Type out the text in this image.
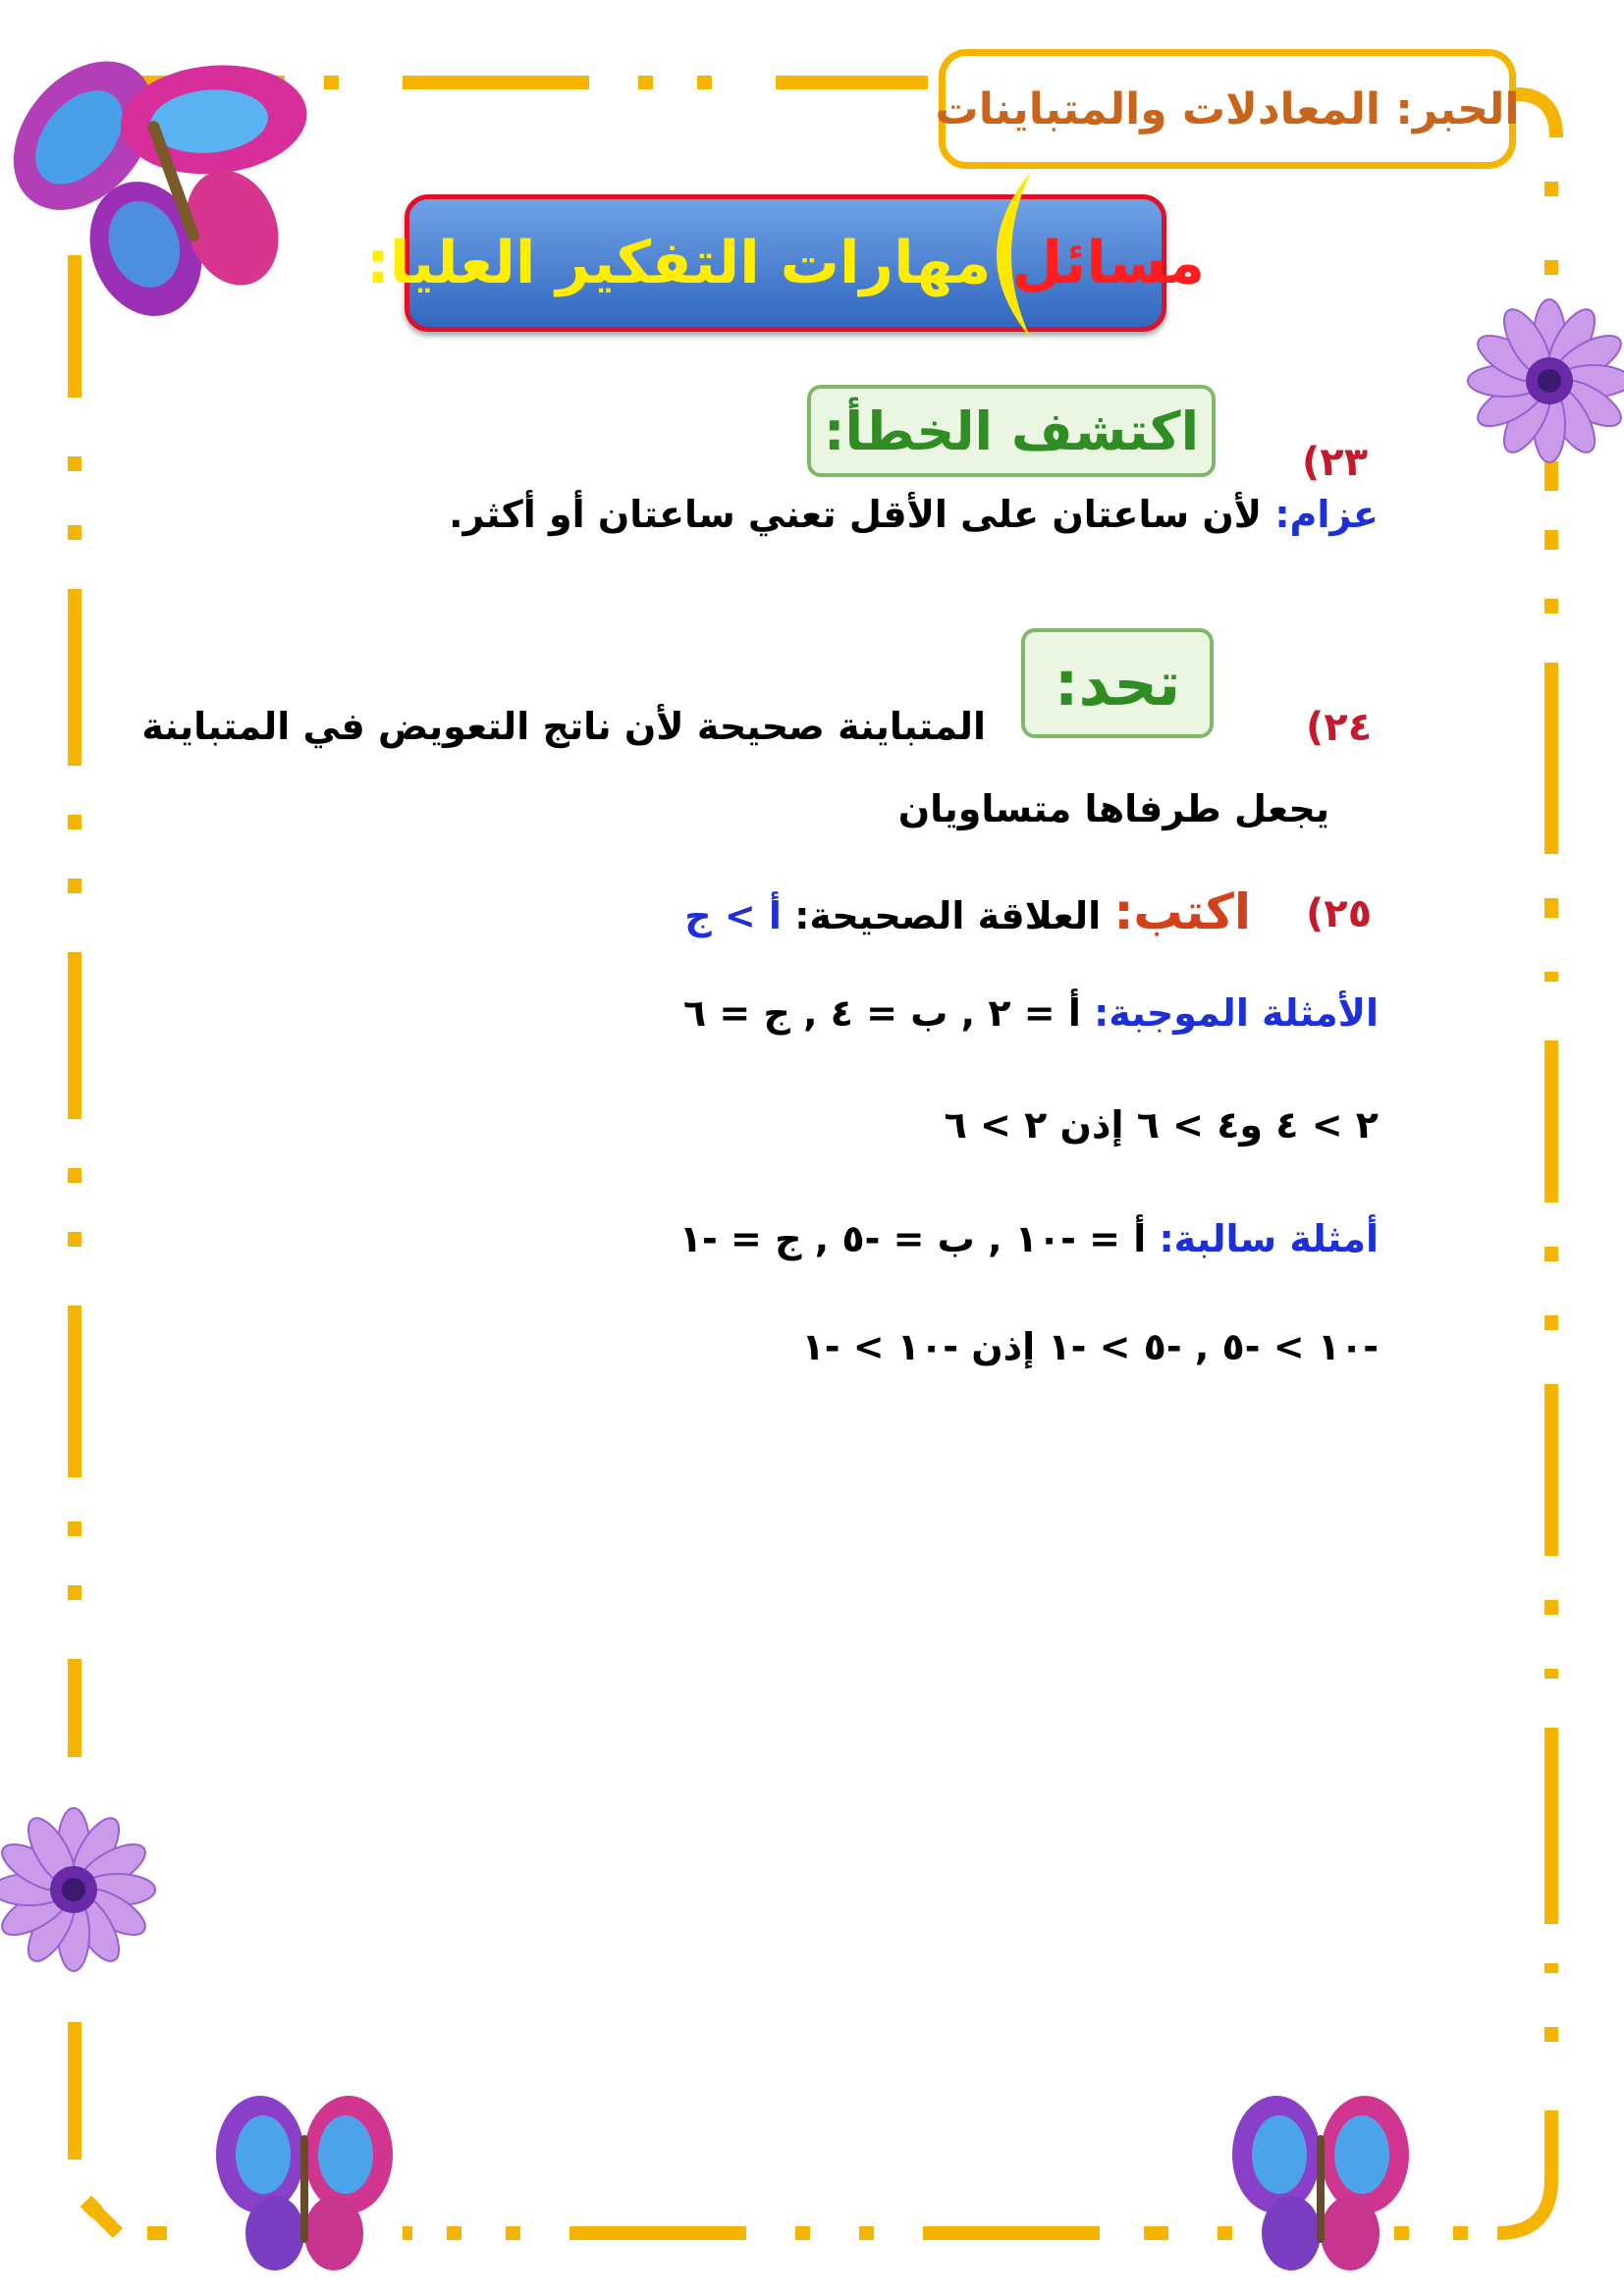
الحبر: المعادلات والمتباينات
مسائل مهارات التفكير العليا:
اكتشف الخطأ:
٢٣)
عزام: لأن ساعتان على الأقل تعني ساعتان أو أكثر.
تحد:
٢٤)
المتباينة صحيحة لأن ناتج التعويض في المتباينة
يجعل طرفاها متساويان
٢٥)
اكتب: العلاقة الصحيحة: أ > ج
الأمثلة الموجبة: أ = ٢ , ب = ٤ , ج = ٦
٢ > ٤ و٤ > ٦ إذن ٢ > ٦
أمثلة سالبة: أ = -١٠ , ب = -٥ , ج = -١
-١٠ > -٥ , -٥ > -١ إذن -١٠ > -١
